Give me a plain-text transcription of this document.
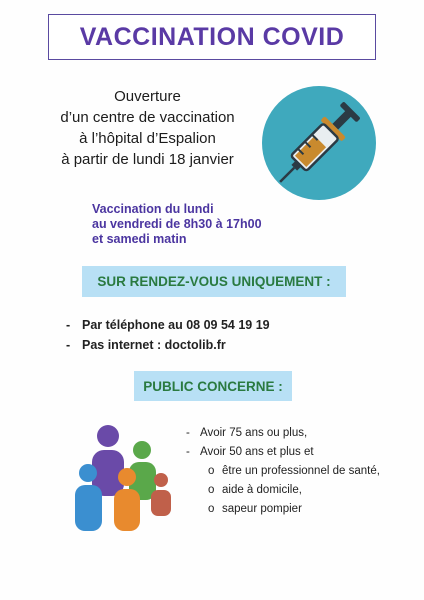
VACCINATION COVID
Ouverture
d’un centre de vaccination
à l’hôpital d’Espalion
à partir de lundi 18 janvier
Vaccination du lundi
au vendredi de 8h30 à 17h00
et samedi matin
SUR RENDEZ-VOUS UNIQUEMENT :
- Par téléphone au 08 09 54 19 19
- Pas internet : doctolib.fr
PUBLIC CONCERNE :
- Avoir 75 ans ou plus,
- Avoir 50 ans et plus et
o être un professionnel de santé,
o aide à domicile,
o sapeur pompier
